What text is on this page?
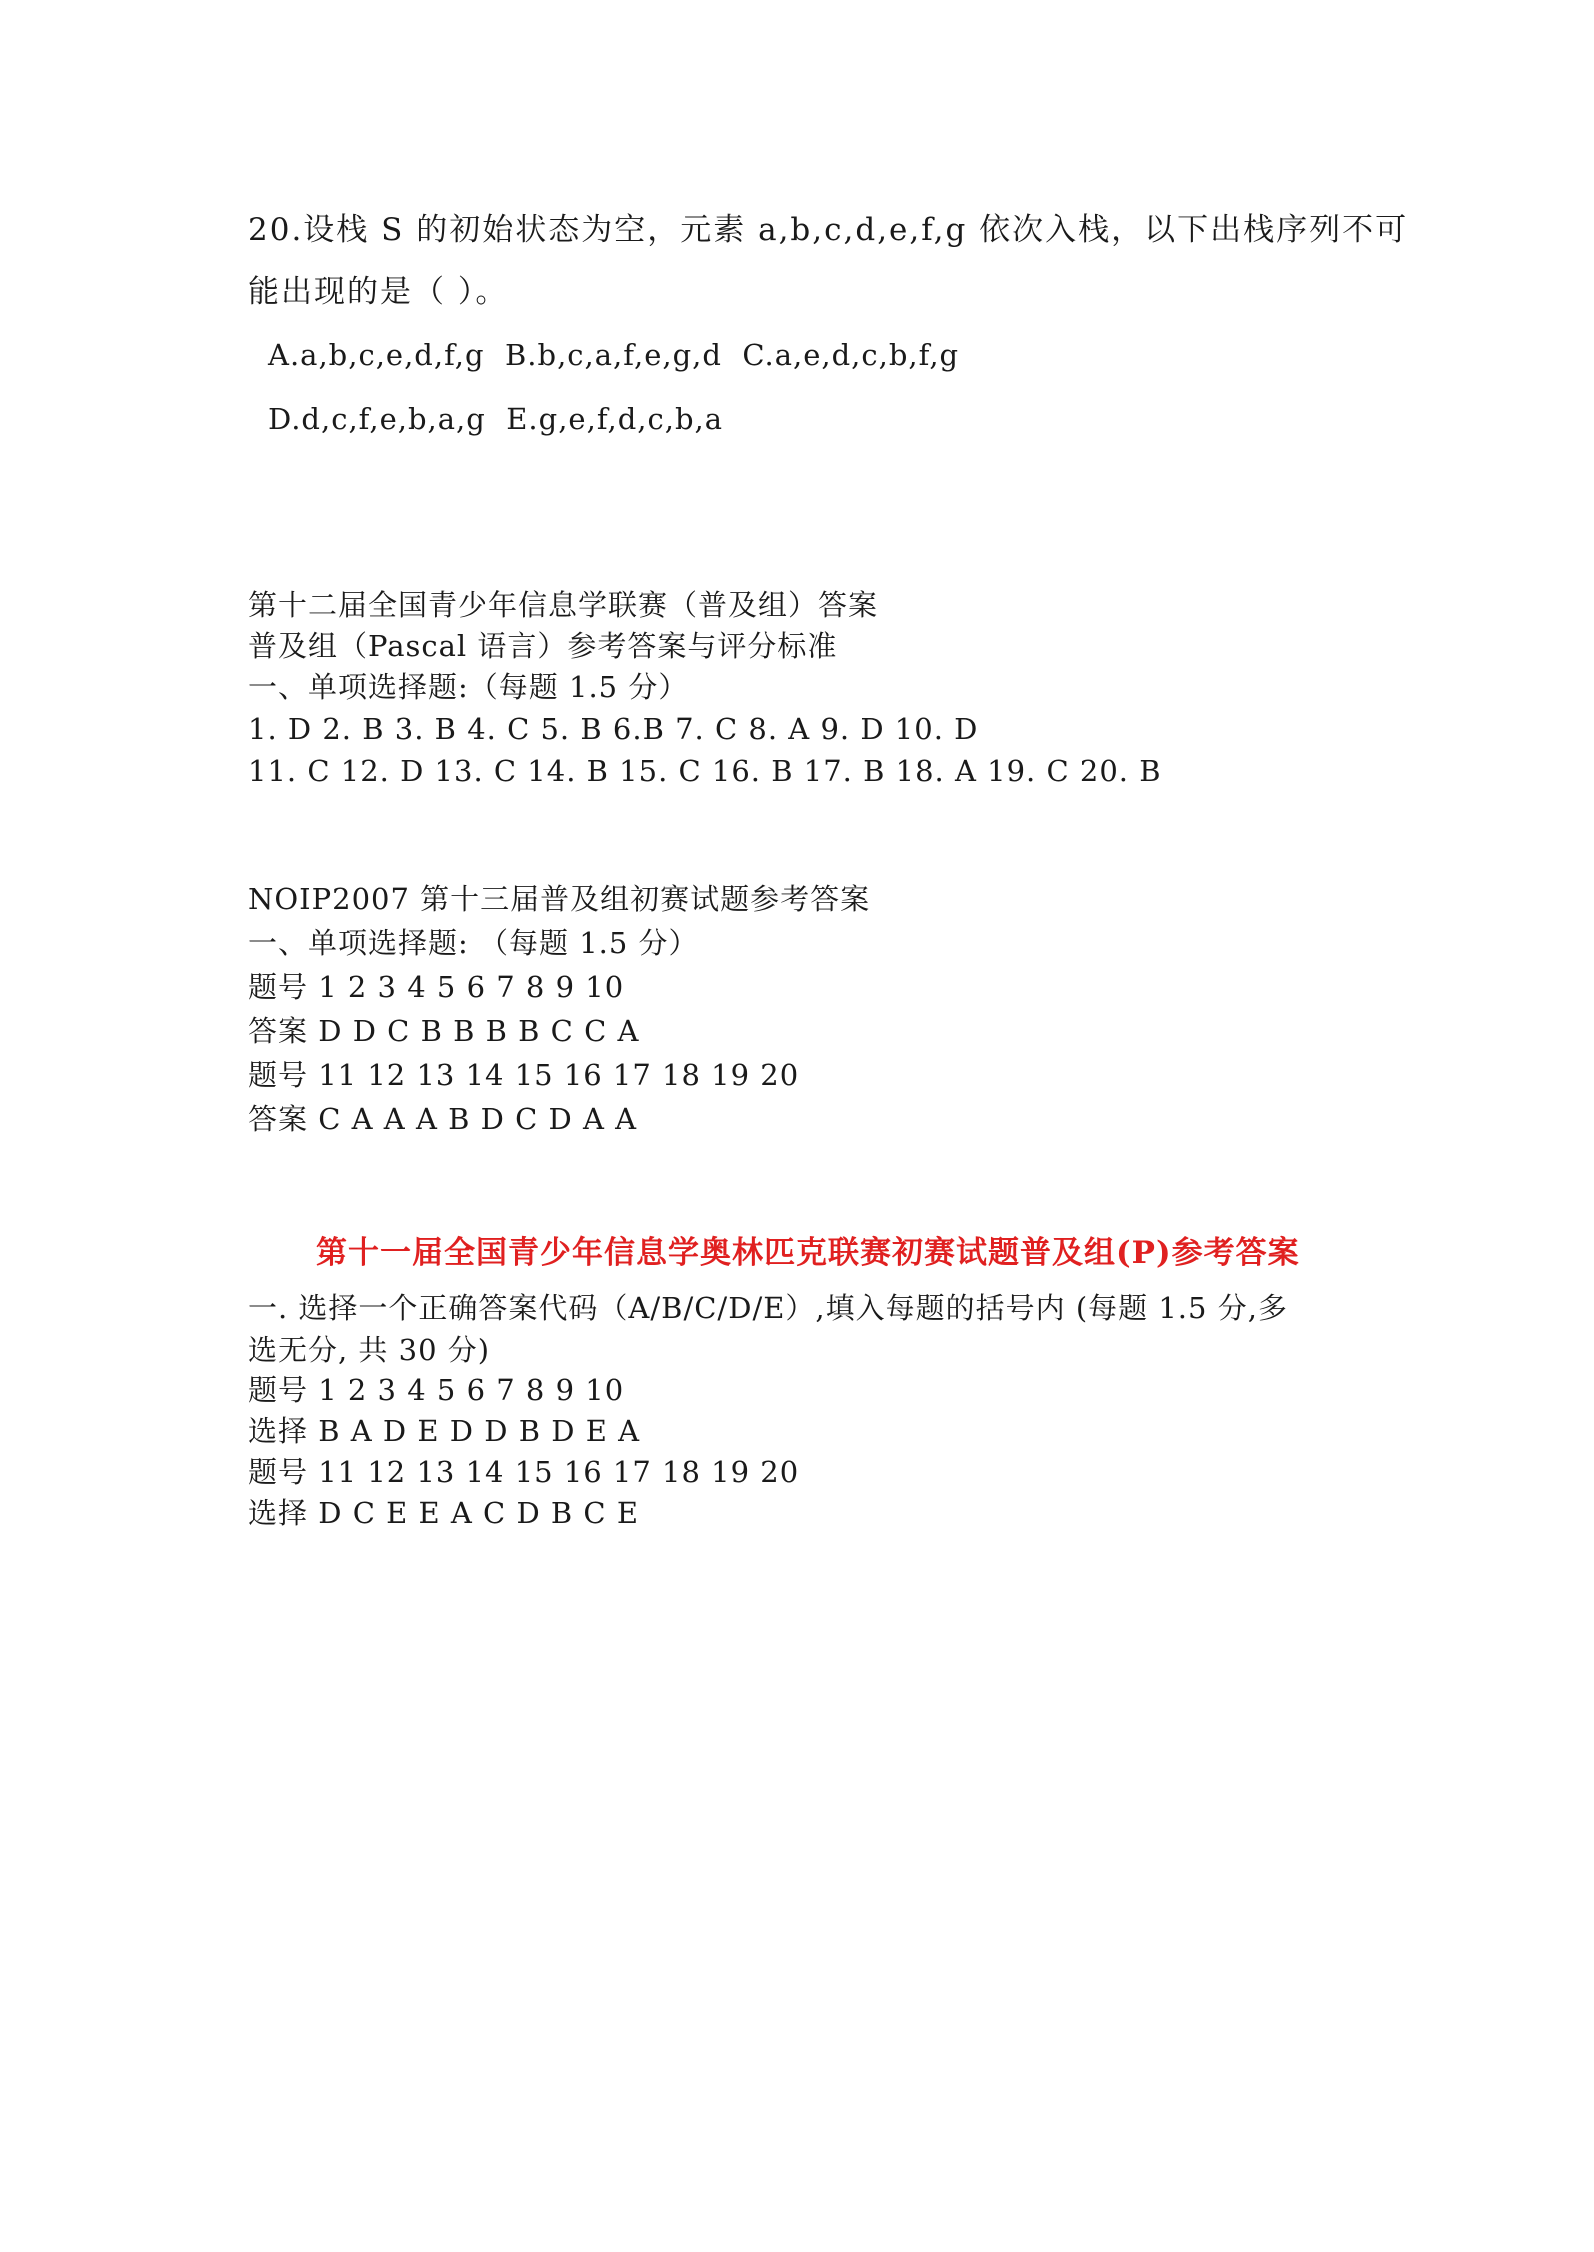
20.设栈 S 的初始状态为空，元素 a,b,c,d,e,f,g 依次入栈，以下出栈序列不可
能出现的是（ ）。
A.a,b,c,e,d,f,g  B.b,c,a,f,e,g,d  C.a,e,d,c,b,f,g
D.d,c,f,e,b,a,g  E.g,e,f,d,c,b,a
第十二届全国青少年信息学联赛（普及组）答案
普及组（Pascal 语言）参考答案与评分标准
一、单项选择题:（每题 1.5 分）
1. D 2. B 3. B 4. C 5. B 6.B 7. C 8. A 9. D 10. D
11. C 12. D 13. C 14. B 15. C 16. B 17. B 18. A 19. C 20. B
NOIP2007 第十三届普及组初赛试题参考答案
一、单项选择题: （每题 1.5 分）
题号 1 2 3 4 5 6 7 8 9 10
答案 D D C B B B B C C A
题号 11 12 13 14 15 16 17 18 19 20
答案 C A A A B D C D A A
第十一届全国青少年信息学奥林匹克联赛初赛试题普及组(P)参考答案
一. 选择一个正确答案代码（A/B/C/D/E）,填入每题的括号内 (每题 1.5 分,多
选无分, 共 30 分)
题号 1 2 3 4 5 6 7 8 9 10
选择 B A D E D D B D E A
题号 11 12 13 14 15 16 17 18 19 20
选择 D C E E A C D B C E
